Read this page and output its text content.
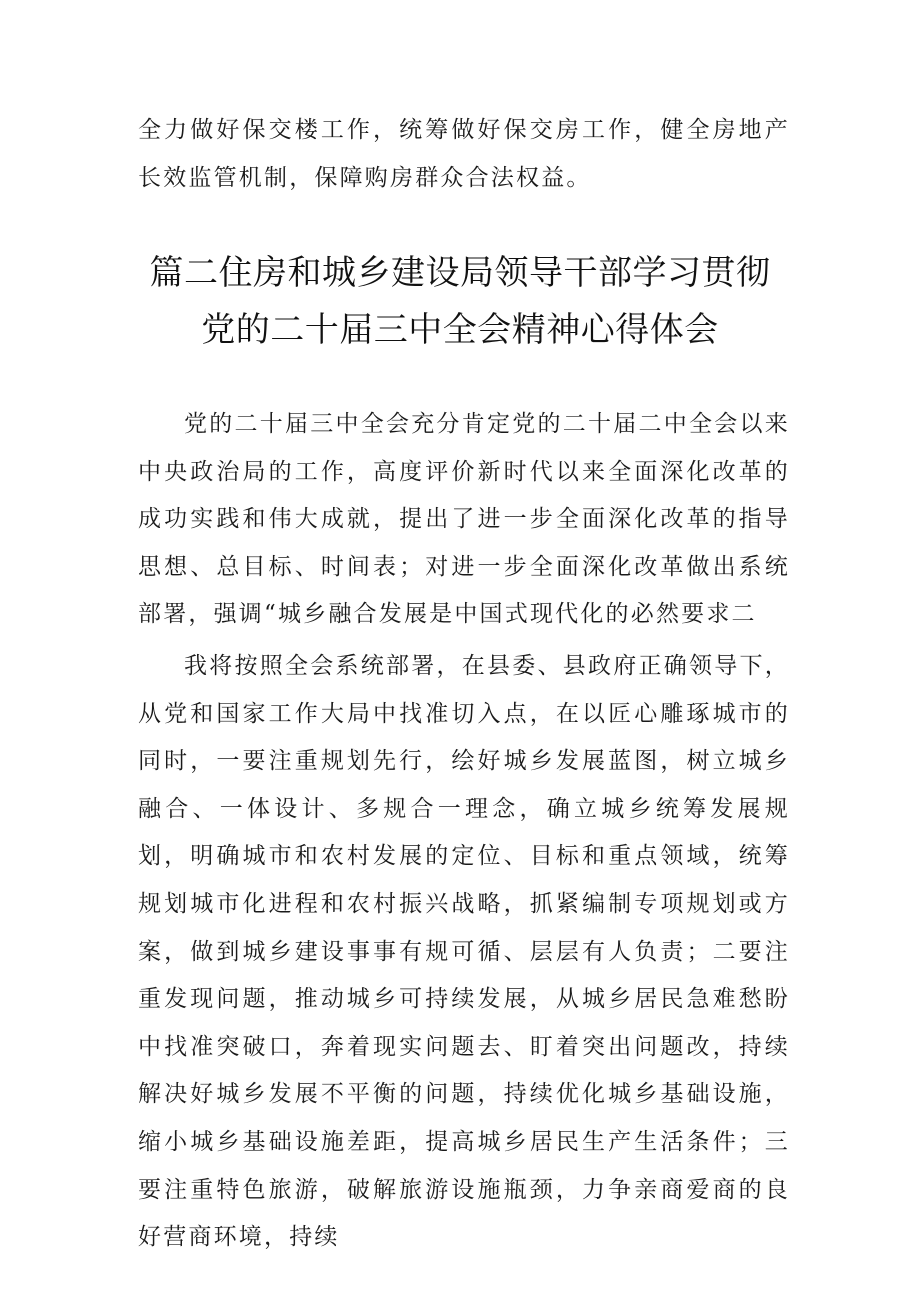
全力做好保交楼工作，统筹做好保交房工作，健全房地产长效监管机制，保障购房群众合法权益。

篇二住房和城乡建设局领导干部学习贯彻
党的二十届三中全会精神心得体会

党的二十届三中全会充分肯定党的二十届二中全会以来中央政治局的工作，高度评价新时代以来全面深化改革的成功实践和伟大成就，提出了进一步全面深化改革的指导思想、总目标、时间表；对进一步全面深化改革做出系统部署，强调“城乡融合发展是中国式现代化的必然要求二

我将按照全会系统部署，在县委、县政府正确领导下，从党和国家工作大局中找准切入点，在以匠心雕琢城市的同时，一要注重规划先行，绘好城乡发展蓝图，树立城乡融合、一体设计、多规合一理念，确立城乡统筹发展规划，明确城市和农村发展的定位、目标和重点领域，统筹规划城市化进程和农村振兴战略，抓紧编制专项规划或方案，做到城乡建设事事有规可循、层层有人负责；二要注重发现问题，推动城乡可持续发展，从城乡居民急难愁盼中找准突破口，奔着现实问题去、盯着突出问题改，持续解决好城乡发展不平衡的问题，持续优化城乡基础设施，缩小城乡基础设施差距，提高城乡居民生产生活条件；三要注重特色旅游，破解旅游设施瓶颈，力争亲商爱商的良好营商环境，持续
